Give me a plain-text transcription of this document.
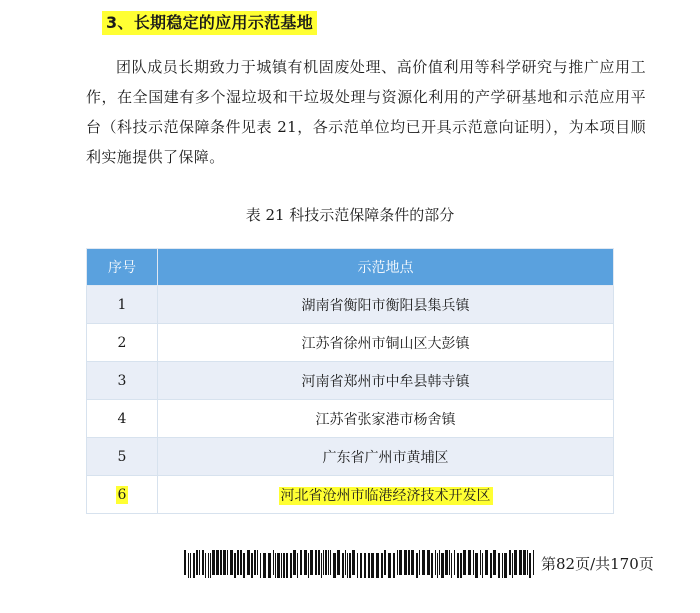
3、长期稳定的应用示范基地
团队成员长期致力于城镇有机固废处理、高价值利用等科学研究与推广应用工作，在全国建有多个湿垃圾和干垃圾处理与资源化利用的产学研基地和示范应用平台（科技示范保障条件见表 21，各示范单位均已开具示范意向证明），为本项目顺利实施提供了保障。
表 21 科技示范保障条件的部分
序号	示范地点
1	湖南省衡阳市衡阳县集兵镇
2	江苏省徐州市铜山区大彭镇
3	河南省郑州市中牟县韩寺镇
4	江苏省张家港市杨舍镇
5	广东省广州市黄埔区
6	河北省沧州市临港经济技术开发区
第82页/共170页
